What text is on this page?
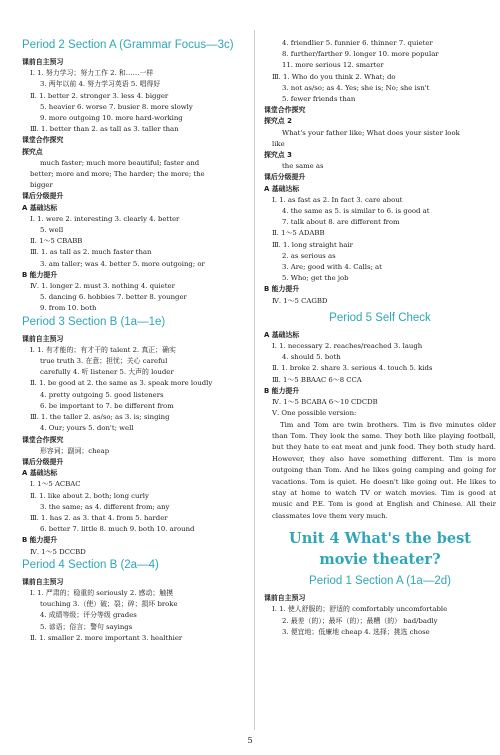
Period 2 Section A (Grammar Focus—3c)
课前自主预习
Ⅰ. 1. 努力学习；努力工作 2. 和……一样
3. 两年以前 4. 努力学习英语 5. 唱得好
Ⅱ. 1. better 2. stronger 3. less 4. bigger
5. heavier 6. worse 7. busier 8. more slowly
9. more outgoing 10. more hard-working
Ⅲ. 1. better than 2. as tall as 3. taller than
课堂合作探究
探究点
much faster; much more beautiful; faster and
better; more and more; The harder; the more; the
bigger
课后分级提升
A 基础达标
Ⅰ. 1. were 2. interesting 3. clearly 4. better
5. well
Ⅱ. 1～5 CBABB
Ⅲ. 1. as tall as 2. much faster than
3. am taller; was 4. better 5. more outgoing; or
B 能力提升
Ⅳ. 1. longer 2. must 3. nothing 4. quieter
5. dancing 6. hobbies 7. better 8. younger
9. from 10. both
Period 3 Section B (1a—1e)
课前自主预习
Ⅰ. 1. 有才能的；有才干的 talent 2. 真正；确实
true truth 3. 在意；担忧；关心 careful
carefully 4. 听 listener 5. 大声的 louder
Ⅱ. 1. be good at 2. the same as 3. speak more loudly
4. pretty outgoing 5. good listeners
6. be important to 7. be different from
Ⅲ. 1. the taller 2. as/so; as 3. is; singing
4. Our; yours 5. don't; well
课堂合作探究
形容词；副词；cheap
课后分级提升
A 基础达标
Ⅰ. 1～5 ACBAC
Ⅱ. 1. like about 2. both; long curly
3. the same; as 4. different from; any
Ⅲ. 1. has 2. as 3. that 4. from 5. harder
6. better 7. little 8. much 9. both 10. around
B 能力提升
Ⅳ. 1～5 DCCBD
Period 4 Section B (2a—4)
课前自主预习
Ⅰ. 1. 严肃的；稳重的 seriously 2. 感动；触摸
touching 3.（使）破；裂；碎；损坏 broke
4. 成绩等级；评分等级 grades
5. 谚语；俗言；警句 sayings
Ⅱ. 1. smaller 2. more important 3. healthier
4. friendlier 5. funnier 6. thinner 7. quieter
8. further/farther 9. longer 10. more popular
11. more serious 12. smarter
Ⅲ. 1. Who do you think 2. What; do
3. not as/so; as 4. Yes; she is; No; she isn't
5. fewer friends than
课堂合作探究
探究点 2
What's your father like; What does your sister look
like
探究点 3
the same as
课后分级提升
A 基础达标
Ⅰ. 1. as fast as 2. In fact 3. care about
4. the same as 5. is similar to 6. is good at
7. talk about 8. are different from
Ⅱ. 1～5 ADABB
Ⅲ. 1. long straight hair
2. as serious as
3. Are; good with 4. Calls; at
5. Who; get the job
B 能力提升
Ⅳ. 1～5 CAGBD
Period 5 Self Check
A 基础达标
Ⅰ. 1. necessary 2. reaches/reached 3. laugh
4. should 5. both
Ⅱ. 1. broke 2. share 3. serious 4. touch 5. kids
Ⅲ. 1～5 BBAAC 6～8 CCA
B 能力提升
Ⅳ. 1～5 BCABA 6～10 CDCDB
Ⅴ. One possible version:
Tim and Tom are twin brothers. Tim is five minutes older than Tom. They look the same. They both like playing football, but they hate to eat meat and junk food. They both study hard. However, they also have something different. Tim is more outgoing than Tom. And he likes going camping and going for vacations. Tom is quiet. He doesn't like going out. He likes to stay at home to watch TV or watch movies. Tim is good at music and P.E. Tom is good at English and Chinese. All their classmates love them very much.
Unit 4 What's the best movie theater?
Period 1 Section A (1a—2d)
课前自主预习
Ⅰ. 1. 使人舒服的；舒适的 comfortably uncomfortable
2. 最差（的）；最坏（的）；最糟（的） bad/badly
3. 便宜地；低廉地 cheap 4. 选择；挑选 chose
5
